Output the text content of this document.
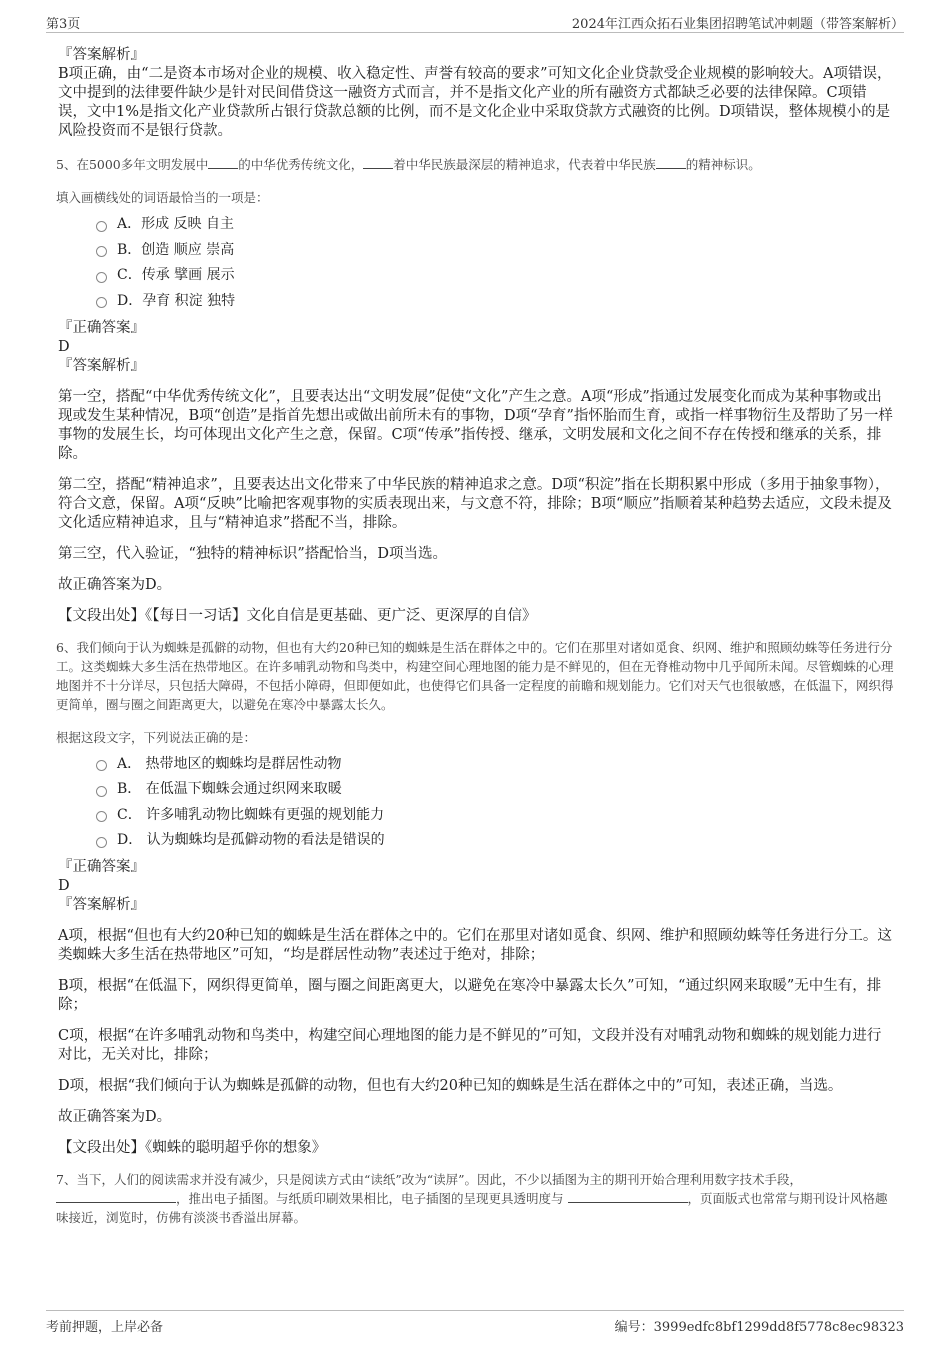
第3页	2024年江西众拓石业集团招聘笔试冲刺题（带答案解析）
『答案解析』

B项正确，由“二是资本市场对企业的规模、收入稳定性、声誉有较高的要求”可知文化企业贷款受企业规模的影响较大。A项错误，文中提到的法律要件缺少是针对民间借贷这一融资方式而言，并不是指文化产业的所有融资方式都缺乏必要的法律保障。C项错误，文中1%是指文化产业贷款所占银行贷款总额的比例，而不是文化企业中采取贷款方式融资的比例。D项错误，整体规模小的是风险投资而不是银行贷款。

5、在5000多年文明发展中 的中华优秀传统文化， 着中华民族最深层的精神追求，代表着中华民族 的精神标识。

填入画横线处的词语最恰当的一项是：

A．形成 反映 自主
B．创造 顺应 崇高
C．传承 擘画 展示
D．孕育 积淀 独特
『正确答案』
D
『答案解析』

第一空，搭配“中华优秀传统文化”，且要表达出“文明发展”促使“文化”产生之意。A项“形成”指通过发展变化而成为某种事物或出现或发生某种情况，B项“创造”是指首先想出或做出前所未有的事物，D项“孕育”指怀胎而生育，或指一样事物衍生及帮助了另一样事物的发展生长，均可体现出文化产生之意，保留。C项“传承”指传授、继承，文明发展和文化之间不存在传授和继承的关系，排除。

第二空，搭配“精神追求”，且要表达出文化带来了中华民族的精神追求之意。D项“积淀”指在长期积累中形成（多用于抽象事物），符合文意，保留。A项“反映”比喻把客观事物的实质表现出来，与文意不符，排除；B项“顺应”指顺着某种趋势去适应，文段未提及文化适应精神追求，且与“精神追求”搭配不当，排除。

第三空，代入验证，“独特的精神标识”搭配恰当，D项当选。

故正确答案为D。

【文段出处】《【每日一习话】文化自信是更基础、更广泛、更深厚的自信》

6、我们倾向于认为蜘蛛是孤僻的动物，但也有大约20种已知的蜘蛛是生活在群体之中的。它们在那里对诸如觅食、织网、维护和照顾幼蛛等任务进行分工。这类蜘蛛大多生活在热带地区。在许多哺乳动物和鸟类中，构建空间心理地图的能力是不鲜见的，但在无脊椎动物中几乎闻所未闻。尽管蜘蛛的心理地图并不十分详尽，只包括大障碍，不包括小障碍，但即便如此，也使得它们具备一定程度的前瞻和规划能力。它们对天气也很敏感，在低温下，网织得更简单，圈与圈之间距离更大，以避免在寒冷中暴露太长久。

根据这段文字，下列说法正确的是：

A． 热带地区的蜘蛛均是群居性动物
B． 在低温下蜘蛛会通过织网来取暖
C． 许多哺乳动物比蜘蛛有更强的规划能力
D． 认为蜘蛛均是孤僻动物的看法是错误的
『正确答案』
D
『答案解析』

A项，根据“但也有大约20种已知的蜘蛛是生活在群体之中的。它们在那里对诸如觅食、织网、维护和照顾幼蛛等任务进行分工。这类蜘蛛大多生活在热带地区”可知，“均是群居性动物”表述过于绝对，排除；

B项，根据“在低温下，网织得更简单，圈与圈之间距离更大，以避免在寒冷中暴露太长久”可知，“通过织网来取暖”无中生有，排除；

C项，根据“在许多哺乳动物和鸟类中，构建空间心理地图的能力是不鲜见的”可知，文段并没有对哺乳动物和蜘蛛的规划能力进行对比，无关对比，排除；

D项，根据“我们倾向于认为蜘蛛是孤僻的动物，但也有大约20种已知的蜘蛛是生活在群体之中的”可知，表述正确，当选。

故正确答案为D。

【文段出处】《蜘蛛的聪明超乎你的想象》

7、当下，人们的阅读需求并没有减少，只是阅读方式由“读纸”改为“读屏”。因此，不少以插图为主的期刊开始合理利用数字技术手段，，推出电子插图。与纸质印刷效果相比，电子插图的呈现更具透明度与	，页面版式也常常与期刊设计风格趣味接近，浏览时，仿佛有淡淡书香溢出屏幕。

考前押题，上岸必备	编号：3999edfc8bf1299dd8f5778c8ec98323
